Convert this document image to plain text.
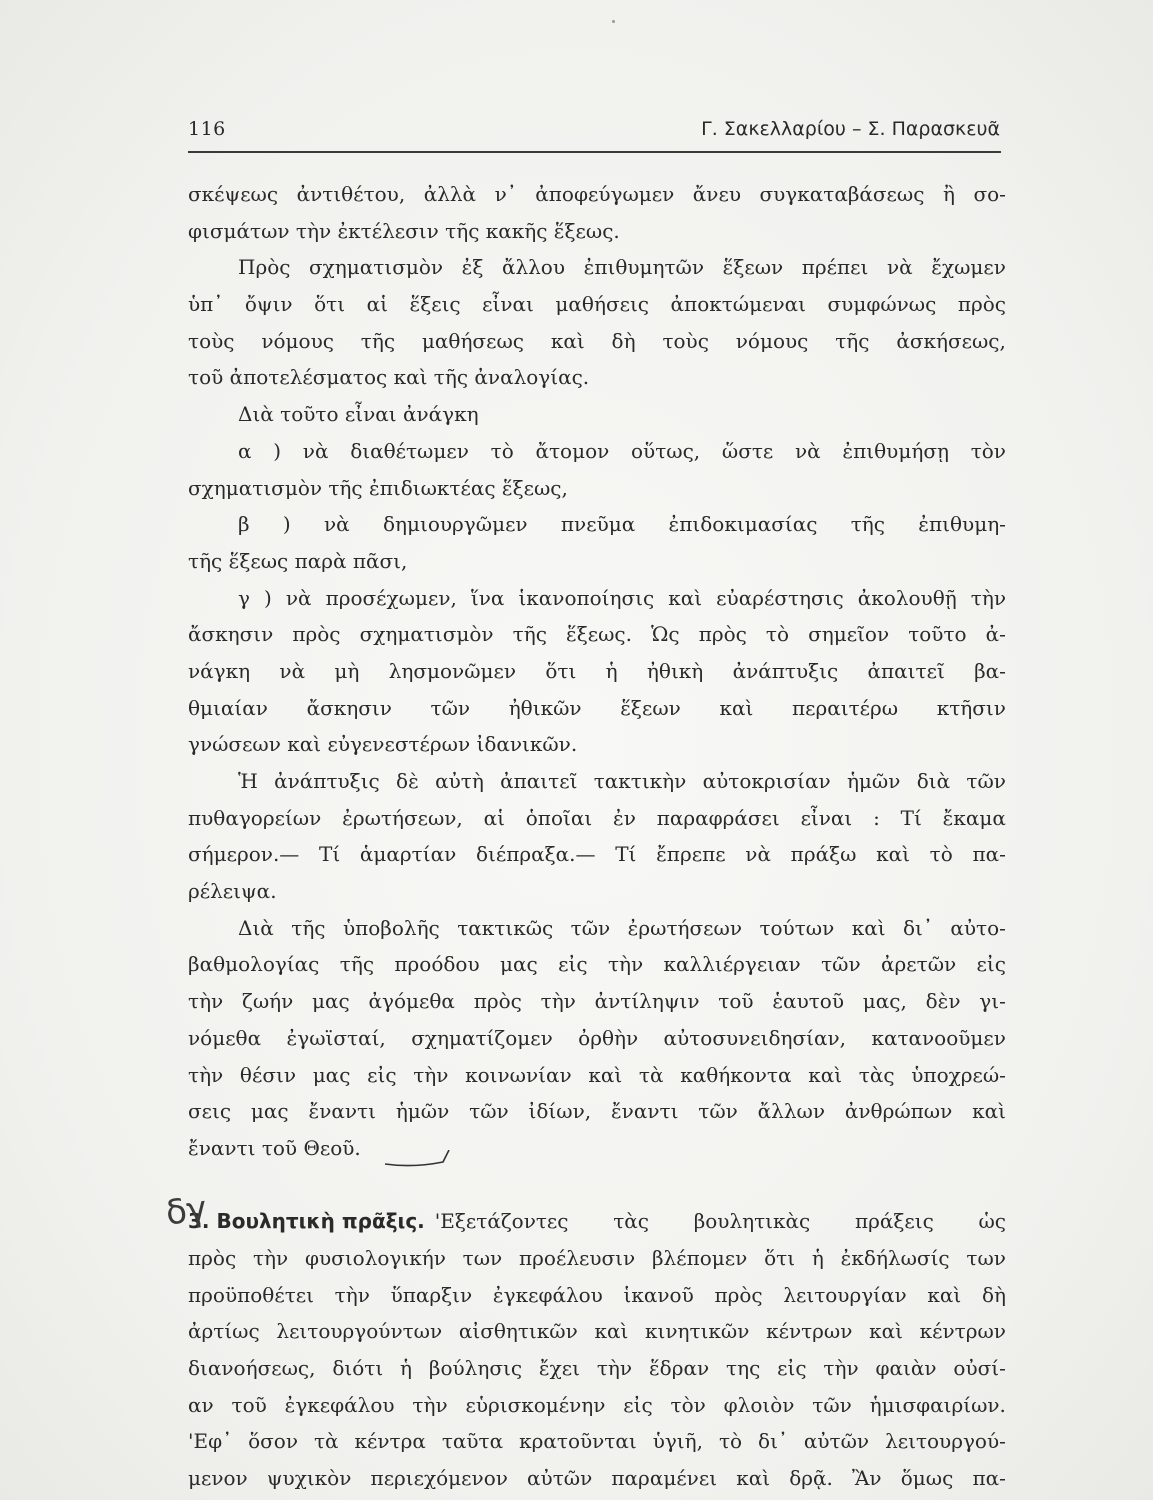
116	Γ. Σακελλαρίου – Σ. Παρασκευᾶ
σκέψεως ἀντιθέτου, ἀλλὰ ν᾽ ἀποφεύγωμεν ἄνευ συγκαταβάσεως ἢ σο-
φισμάτων τὴν ἐκτέλεσιν τῆς κακῆς ἕξεως.
Πρὸς σχηματισμὸν ἐξ ἄλλου ἐπιθυμητῶν ἕξεων πρέπει νὰ ἔχωμεν
ὑπ᾽ ὄψιν ὅτι αἱ ἕξεις εἶναι μαθήσεις ἀποκτώμεναι συμφώνως πρὸς
τοὺς νόμους τῆς μαθήσεως καὶ δὴ τοὺς νόμους τῆς ἀσκήσεως,
τοῦ ἀποτελέσματος καὶ τῆς ἀναλογίας.
Διὰ τοῦτο εἶναι ἀνάγκη
α ) νὰ διαθέτωμεν τὸ ἄτομον οὕτως, ὥστε νὰ ἐπιθυμήσῃ τὸν
σχηματισμὸν τῆς ἐπιδιωκτέας ἕξεως,
β ) νὰ δημιουργῶμεν πνεῦμα ἐπιδοκιμασίας τῆς ἐπιθυμη-
τῆς ἕξεως παρὰ πᾶσι,
γ ) νὰ προσέχωμεν, ἵνα ἱκανοποίησις καὶ εὐαρέστησις ἀκολουθῇ τὴν
ἄσκησιν πρὸς σχηματισμὸν τῆς ἕξεως. Ὡς πρὸς τὸ σημεῖον τοῦτο ἀ-
νάγκη νὰ μὴ λησμονῶμεν ὅτι ἡ ἠθικὴ ἀνάπτυξις ἀπαιτεῖ βα-
θμιαίαν ἄσκησιν τῶν ἠθικῶν ἕξεων καὶ περαιτέρω κτῆσιν
γνώσεων καὶ εὐγενεστέρων ἰδανικῶν.
Ἡ ἀνάπτυξις δὲ αὐτὴ ἀπαιτεῖ τακτικὴν αὐτοκρισίαν ἡμῶν διὰ τῶν
πυθαγορείων ἐρωτήσεων, αἱ ὁποῖαι ἐν παραφράσει εἶναι : Τί ἔκαμα
σήμερον.— Τί ἁμαρτίαν διέπραξα.— Τί ἔπρεπε νὰ πράξω καὶ τὸ πα-
ρέλειψα.
Διὰ τῆς ὑποβολῆς τακτικῶς τῶν ἐρωτήσεων τούτων καὶ δι᾽ αὐτο-
βαθμολογίας τῆς προόδου μας εἰς τὴν καλλιέργειαν τῶν ἀρετῶν εἰς
τὴν ζωήν μας ἀγόμεθα πρὸς τὴν ἀντίληψιν τοῦ ἑαυτοῦ μας, δὲν γι-
νόμεθα ἐγωϊσταί, σχηματίζομεν ὀρθὴν αὐτοσυνειδησίαν, κατανοοῦμεν
τὴν θέσιν μας εἰς τὴν κοινωνίαν καὶ τὰ καθήκοντα καὶ τὰς ὑποχρεώ-
σεις μας ἔναντι ἡμῶν τῶν ἰδίων, ἔναντι τῶν ἄλλων ἀνθρώπων καὶ
ἔναντι τοῦ Θεοῦ.
δγ
3. Βουλητικὴ πρᾶξις. 'Εξετάζοντες τὰς βουλητικὰς πράξεις ὡς
πρὸς τὴν φυσιολογικήν των προέλευσιν βλέπομεν ὅτι ἡ ἐκδήλωσίς των
προϋποθέτει τὴν ὕπαρξιν ἐγκεφάλου ἱκανοῦ πρὸς λειτουργίαν καὶ δὴ
ἀρτίως λειτουργούντων αἰσθητικῶν καὶ κινητικῶν κέντρων καὶ κέντρων
διανοήσεως, διότι ἡ βούλησις ἔχει τὴν ἕδραν της εἰς τὴν φαιὰν οὐσί-
αν τοῦ ἐγκεφάλου τὴν εὑρισκομένην εἰς τὸν φλοιὸν τῶν ἡμισφαιρίων.
'Εφ᾽ ὅσον τὰ κέντρα ταῦτα κρατοῦνται ὑγιῆ, τὸ δι᾽ αὐτῶν λειτουργού-
μενον ψυχικὸν περιεχόμενον αὐτῶν παραμένει καὶ δρᾷ. Ἂν ὅμως πα-
